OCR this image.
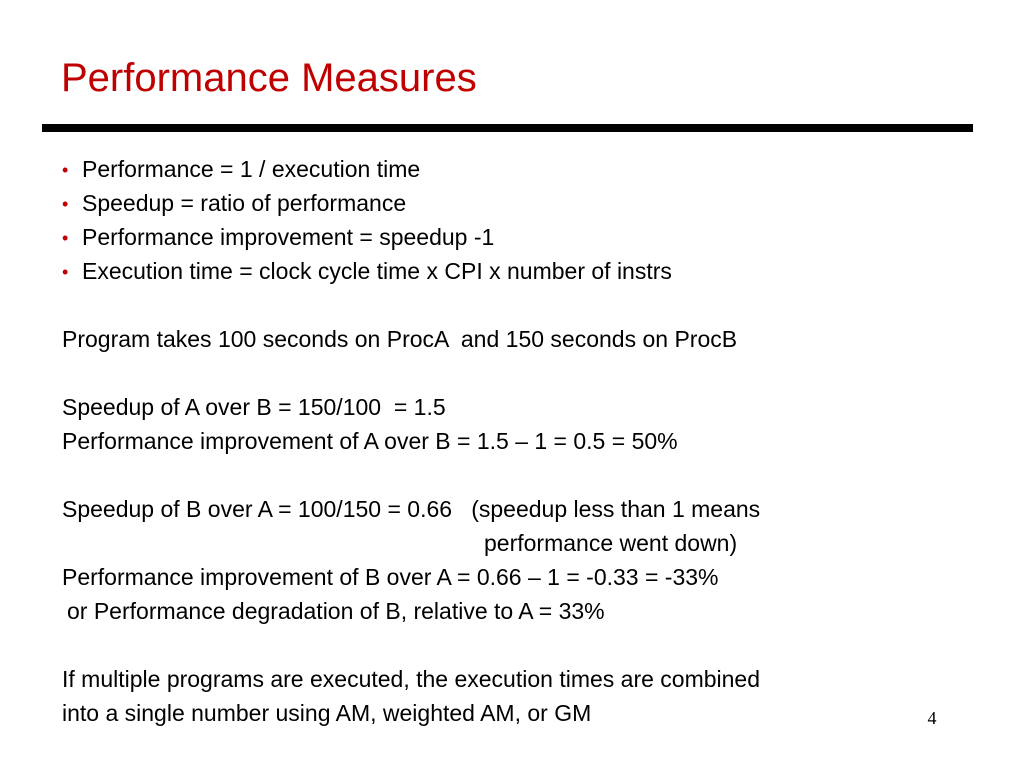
Performance Measures
• Performance = 1 / execution time
• Speedup = ratio of performance
• Performance improvement = speedup -1
• Execution time = clock cycle time x CPI x number of instrs
Program takes 100 seconds on ProcA  and 150 seconds on ProcB
Speedup of A over B = 150/100  = 1.5
Performance improvement of A over B = 1.5 – 1 = 0.5 = 50%
Speedup of B over A = 100/150 = 0.66   (speedup less than 1 means
performance went down)
Performance improvement of B over A = 0.66 – 1 = -0.33 = -33%
or Performance degradation of B, relative to A = 33%
If multiple programs are executed, the execution times are combined
into a single number using AM, weighted AM, or GM	4
